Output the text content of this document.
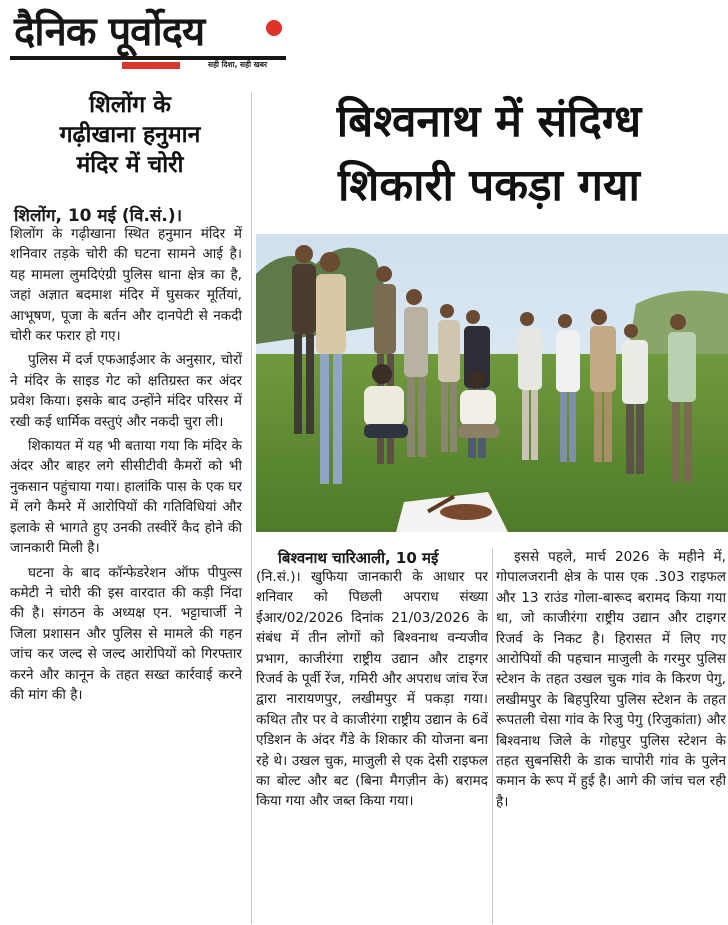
दैनिक पूर्वोदय
सही दिशा, सही खबर
शिलोंग के
गढ़ीखाना हनुमान
मंदिर में चोरी
शिलोंग, 10 मई (वि.सं.)।

शिलोंग के गढ़ीखाना स्थित हनुमान मंदिर में शनिवार तड़के चोरी की घटना सामने आई है। यह मामला लुमदिएंग्री पुलिस थाना क्षेत्र का है, जहां अज्ञात बदमाश मंदिर में घुसकर मूर्तियां, आभूषण, पूजा के बर्तन और दानपेटी से नकदी चोरी कर फरार हो गए।

पुलिस में दर्ज एफआईआर के अनुसार, चोरों ने मंदिर के साइड गेट को क्षतिग्रस्त कर अंदर प्रवेश किया। इसके बाद उन्होंने मंदिर परिसर में रखी कई धार्मिक वस्तुएं और नकदी चुरा ली।

शिकायत में यह भी बताया गया कि मंदिर के अंदर और बाहर लगे सीसीटीवी कैमरों को भी नुकसान पहुंचाया गया। हालांकि पास के एक घर में लगे कैमरे में आरोपियों की गतिविधियां और इलाके से भागते हुए उनकी तस्वीरें कैद होने की जानकारी मिली है।

घटना के बाद कॉन्फेडरेशन ऑफ पीपुल्स कमेटी ने चोरी की इस वारदात की कड़ी निंदा की है। संगठन के अध्यक्ष एन. भट्टाचार्जी ने जिला प्रशासन और पुलिस से मामले की गहन जांच कर जल्द से जल्द आरोपियों को गिरफ्तार करने और कानून के तहत सख्त कार्रवाई करने की मांग की है।

बिश्वनाथ में संदिग्ध
शिकारी पकड़ा गया
बिश्वनाथ चारिआली, 10 मई

(नि.सं.)। खुफिया जानकारी के आधार पर शनिवार को पिछली अपराध संख्या ईआर/02/2026 दिनांक 21/03/2026 के संबंध में तीन लोगों को बिश्वनाथ वन्यजीव प्रभाग, काजीरंगा राष्ट्रीय उद्यान और टाइगर रिजर्व के पूर्वी रेंज, गमिरी और अपराध जांच रेंज द्वारा नारायणपुर, लखीमपुर में पकड़ा गया। कथित तौर पर वे काजीरंगा राष्ट्रीय उद्यान के 6वें एडिशन के अंदर गैंडे के शिकार की योजना बना रहे थे। उखल चुक, माजुली से एक देसी राइफल का बोल्ट और बट (बिना मैगज़ीन के) बरामद किया गया और जब्त किया गया।

इससे पहले, मार्च 2026 के महीने में, गोपालजरानी क्षेत्र के पास एक .303 राइफल और 13 राउंड गोला-बारूद बरामद किया गया था, जो काजीरंगा राष्ट्रीय उद्यान और टाइगर रिजर्व के निकट है। हिरासत में लिए गए आरोपियों की पहचान माजुली के गरमुर पुलिस स्टेशन के तहत उखल चुक गांव के किरण पेगु, लखीमपुर के बिहपुरिया पुलिस स्टेशन के तहत रूपतली चेसा गांव के रिजु पेगु (रिजुकांता) और बिश्वनाथ जिले के गोहपुर पुलिस स्टेशन के तहत सुबनसिरी के डाक चापोरी गांव के पुलेन कमान के रूप में हुई है। आगे की जांच चल रही है।
